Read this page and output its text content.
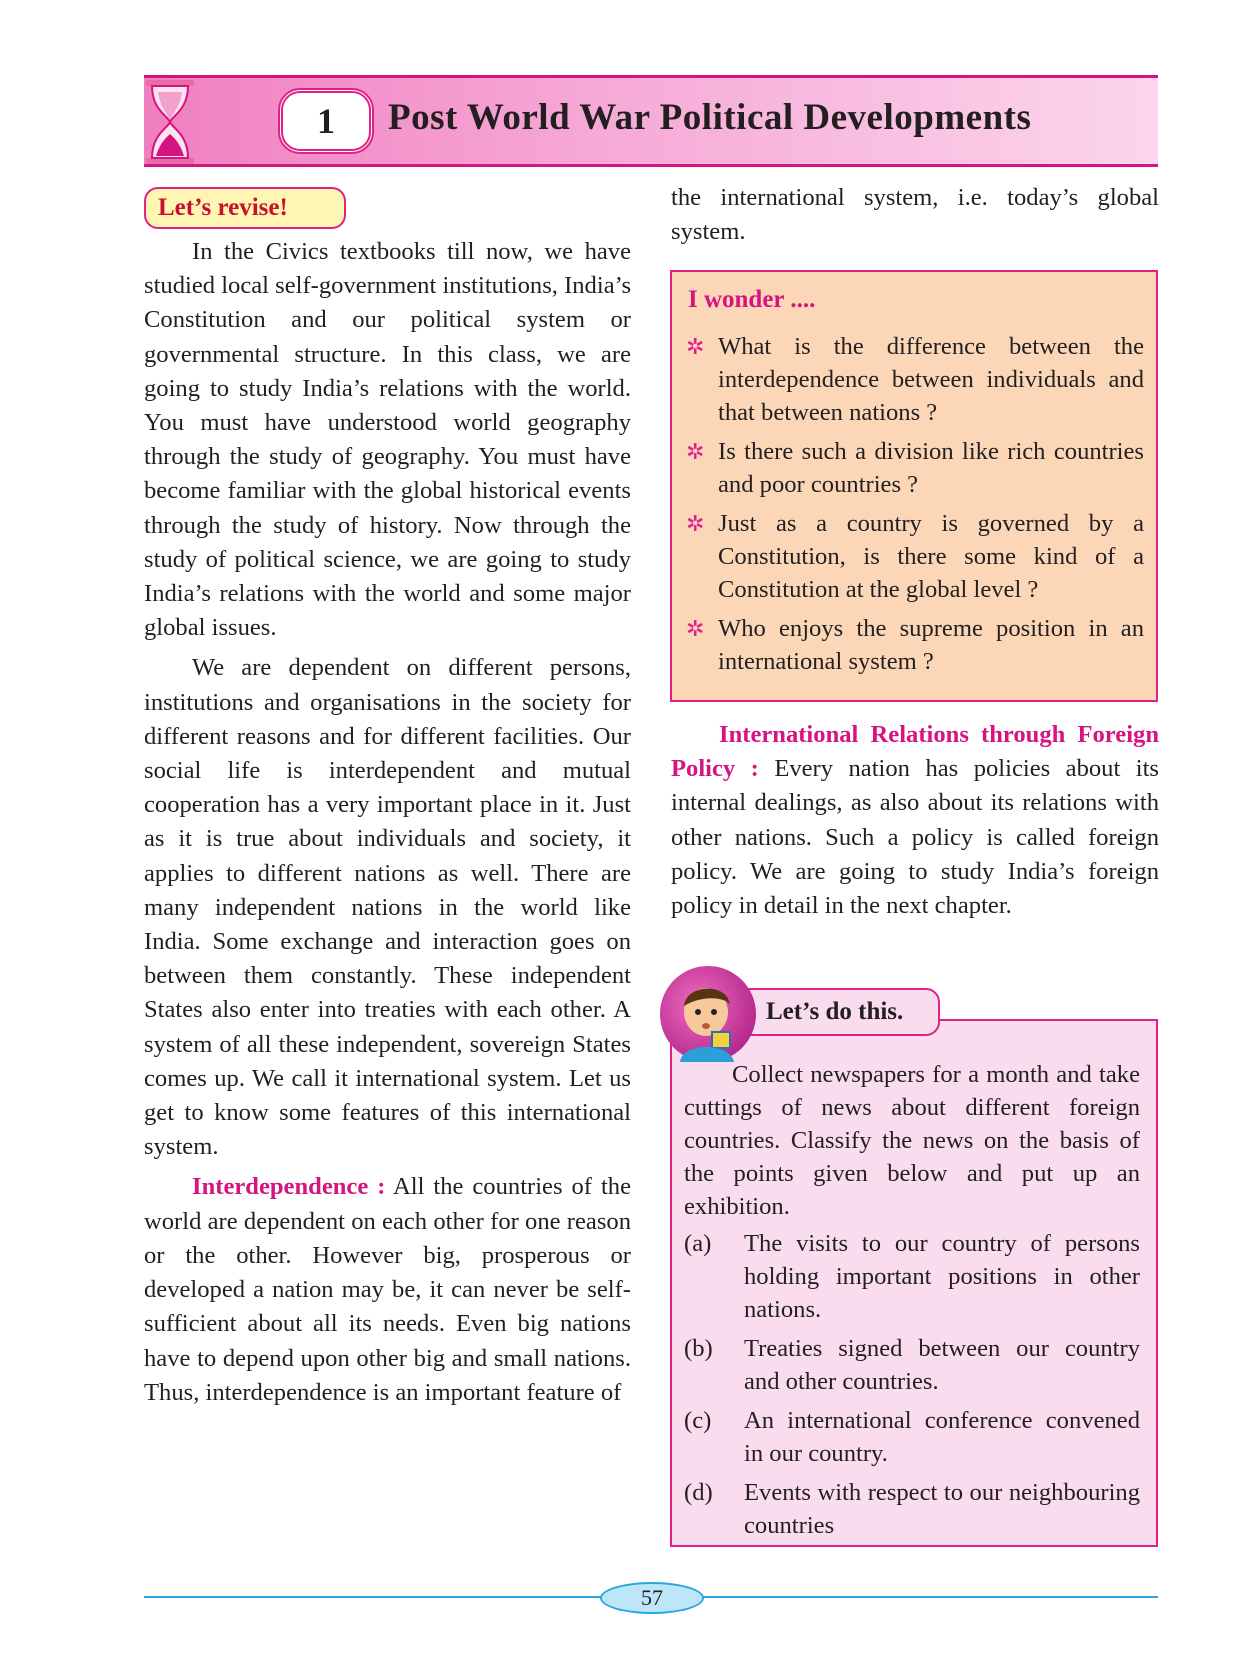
1	Post World War Political Developments
Let’s revise!

In the Civics textbooks till now, we have studied local self-government institutions, India’s Constitution and our political system or governmental structure. In this class, we are going to study India’s relations with the world. You must have understood world geography through the study of geography. You must have become familiar with the global historical events through the study of history. Now through the study of political science, we are going to study India’s relations with the world and some major global issues.

We are dependent on different persons, institutions and organisations in the society for different reasons and for different facilities. Our social life is interdependent and mutual cooperation has a very important place in it. Just as it is true about individuals and society, it applies to different nations as well. There are many independent nations in the world like India. Some exchange and interaction goes on between them constantly. These independent States also enter into treaties with each other. A system of all these independent, sovereign States comes up. We call it international system. Let us get to know some features of this international system.

Interdependence : All the countries of the world are dependent on each other for one reason or the other. However big, prosperous or developed a nation may be, it can never be self-sufficient about all its needs. Even big nations have to depend upon other big and small nations. Thus, interdependence is an important feature of

the international system, i.e. today’s global system.

I wonder ....
✲ What is the difference between the interdependence between individuals and that between nations ?
✲ Is there such a division like rich countries and poor countries ?
✲ Just as a country is governed by a Constitution, is there some kind of a Constitution at the global level ?
✲ Who enjoys the supreme position in an international system ?

International Relations through Foreign Policy : Every nation has policies about its internal dealings, as also about its relations with other nations. Such a policy is called foreign policy. We are going to study India’s foreign policy in detail in the next chapter.

Let’s do this.

Collect newspapers for a month and take cuttings of news about different foreign countries. Classify the news on the basis of the points given below and put up an exhibition.

(a) The visits to our country of persons holding important positions in other nations.
(b) Treaties signed between our country and other countries.
(c) An international conference convened in our country.
(d) Events with respect to our neighbouring countries
57
